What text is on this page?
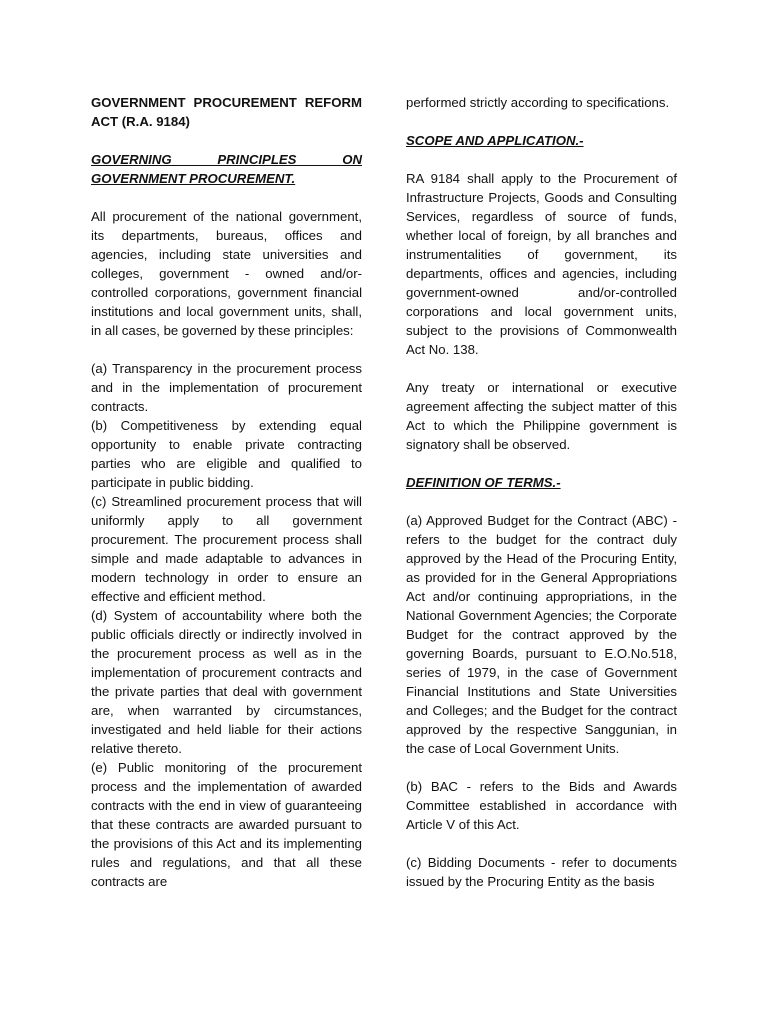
GOVERNMENT PROCUREMENT REFORM ACT (R.A. 9184)

GOVERNING PRINCIPLES ON GOVERNMENT PROCUREMENT.

All procurement of the national government, its departments, bureaus, offices and agencies, including state universities and colleges, government - owned and/or-controlled corporations, government financial institutions and local government units, shall, in all cases, be governed by these principles:

(a) Transparency in the procurement process and in the implementation of procurement contracts.

(b) Competitiveness by extending equal opportunity to enable private contracting parties who are eligible and qualified to participate in public bidding.

(c) Streamlined procurement process that will uniformly apply to all government procurement. The procurement process shall simple and made adaptable to advances in modern technology in order to ensure an effective and efficient method.

(d) System of accountability where both the public officials directly or indirectly involved in the procurement process as well as in the implementation of procurement contracts and the private parties that deal with government are, when warranted by circumstances, investigated and held liable for their actions relative thereto.

(e) Public monitoring of the procurement process and the implementation of awarded contracts with the end in view of guaranteeing that these contracts are awarded pursuant to the provisions of this Act and its implementing rules and regulations, and that all these contracts are

performed strictly according to specifications.

SCOPE AND APPLICATION.-

RA 9184 shall apply to the Procurement of Infrastructure Projects, Goods and Consulting Services, regardless of source of funds, whether local of foreign, by all branches and instrumentalities of government, its departments, offices and agencies, including government-owned and/or-controlled corporations and local government units, subject to the provisions of Commonwealth Act No. 138.

Any treaty or international or executive agreement affecting the subject matter of this Act to which the Philippine government is signatory shall be observed.

DEFINITION OF TERMS.-

(a) Approved Budget for the Contract (ABC) - refers to the budget for the contract duly approved by the Head of the Procuring Entity, as provided for in the General Appropriations Act and/or continuing appropriations, in the National Government Agencies; the Corporate Budget for the contract approved by the governing Boards, pursuant to E.O.No.518, series of 1979, in the case of Government Financial Institutions and State Universities and Colleges; and the Budget for the contract approved by the respective Sanggunian, in the case of Local Government Units.

(b) BAC - refers to the Bids and Awards Committee established in accordance with Article V of this Act.

(c) Bidding Documents - refer to documents issued by the Procuring Entity as the basis
